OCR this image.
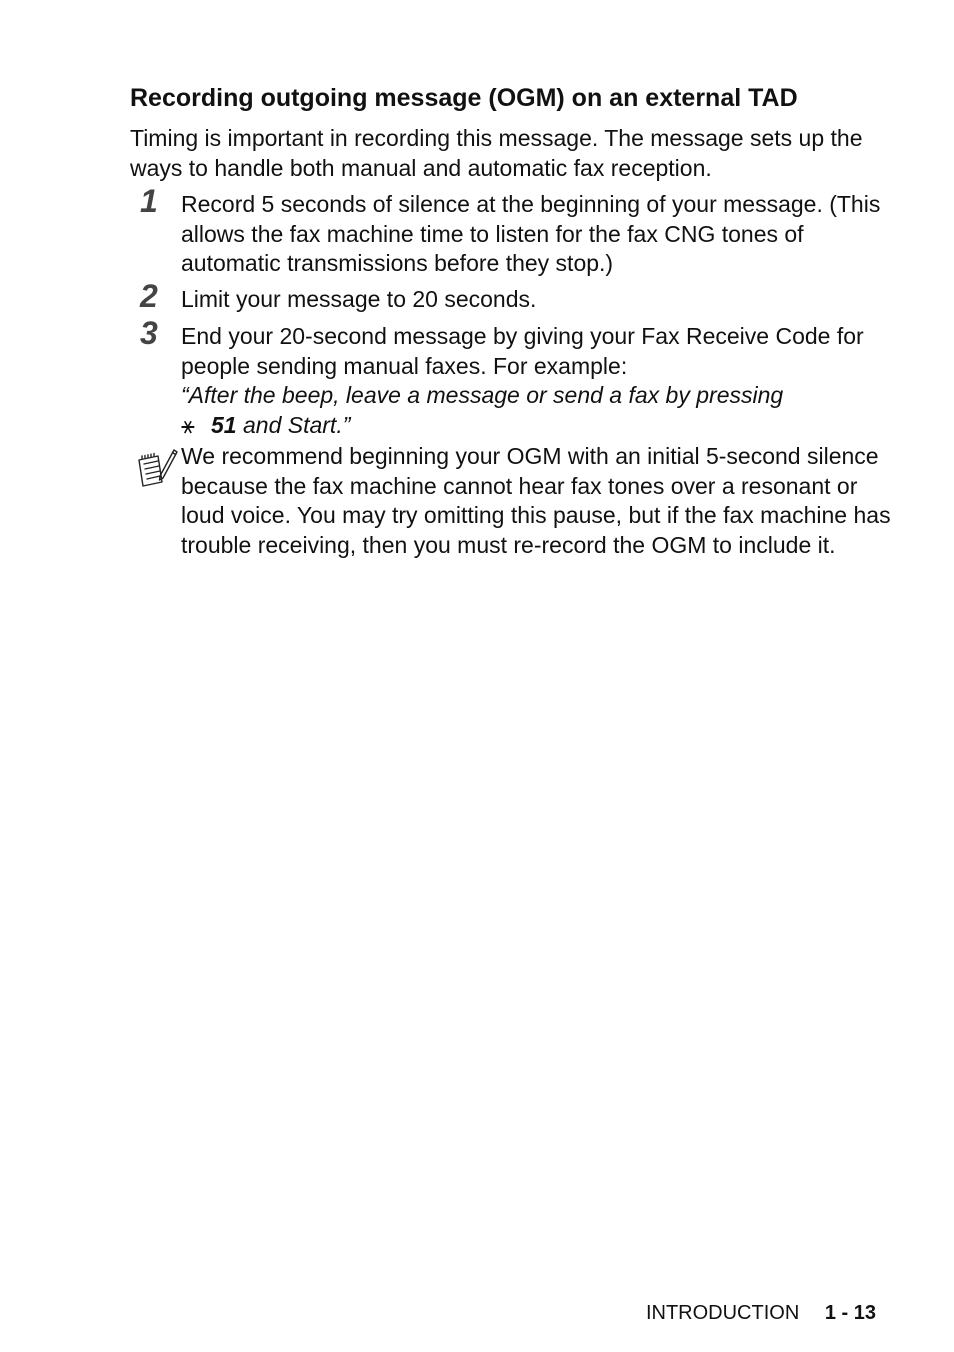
Recording outgoing message (OGM) on an external TAD

Timing is important in recording this message. The message sets up the ways to handle both manual and automatic fax reception.

1 Record 5 seconds of silence at the beginning of your message. (This allows the fax machine time to listen for the fax CNG tones of automatic transmissions before they stop.)

2 Limit your message to 20 seconds.

3 End your 20-second message by giving your Fax Receive Code for people sending manual faxes. For example:
“After the beep, leave a message or send a fax by pressing
⚹ 51 and Start.”

We recommend beginning your OGM with an initial 5-second silence because the fax machine cannot hear fax tones over a resonant or loud voice. You may try omitting this pause, but if the fax machine has trouble receiving, then you must re-record the OGM to include it.

INTRODUCTION 1 - 13
